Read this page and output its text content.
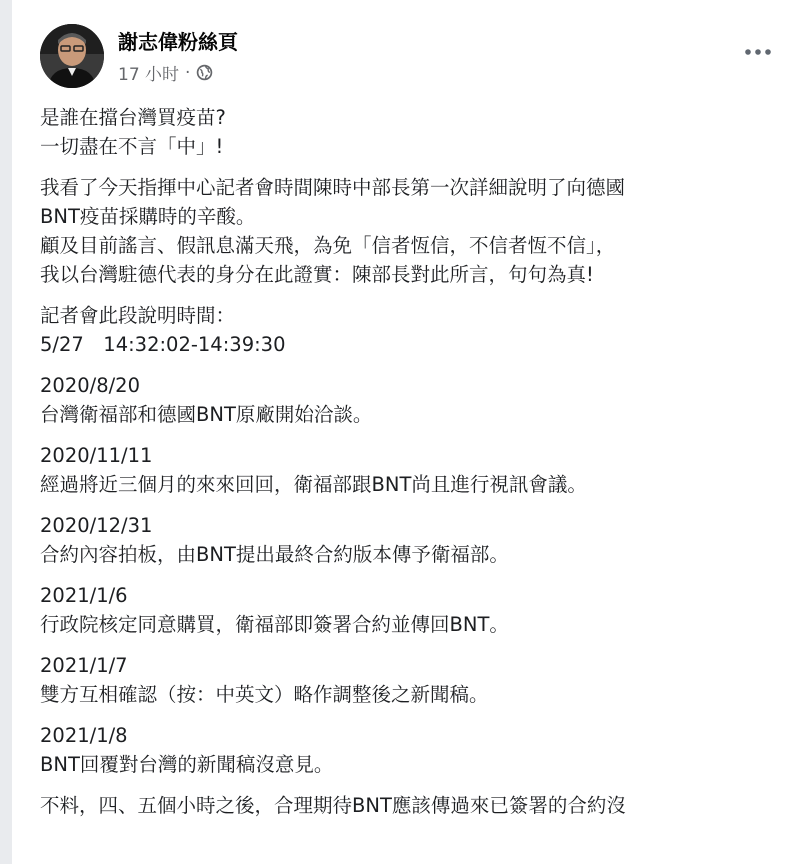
謝志偉粉絲頁
17 小时 ·

是誰在擋台灣買疫苗?
一切盡在不言「中」!

我看了今天指揮中心記者會時間陳時中部長第一次詳細說明了向德國
BNT疫苗採購時的辛酸。
顧及目前謠言、假訊息滿天飛，為免「信者恆信，不信者恆不信」，
我以台灣駐德代表的身分在此證實：陳部長對此所言，句句為真!

記者會此段說明時間：
5/27　14:32:02-14:39:30

2020/8/20
台灣衛福部和德國BNT原廠開始洽談。

2020/11/11
經過將近三個月的來來回回，衛福部跟BNT尚且進行視訊會議。

2020/12/31
合約內容拍板，由BNT提出最終合約版本傳予衛福部。

2021/1/6
行政院核定同意購買，衛福部即簽署合約並傳回BNT。

2021/1/7
雙方互相確認（按：中英文）略作調整後之新聞稿。

2021/1/8
BNT回覆對台灣的新聞稿沒意見。

不料，四、五個小時之後，合理期待BNT應該傳過來已簽署的合約沒
